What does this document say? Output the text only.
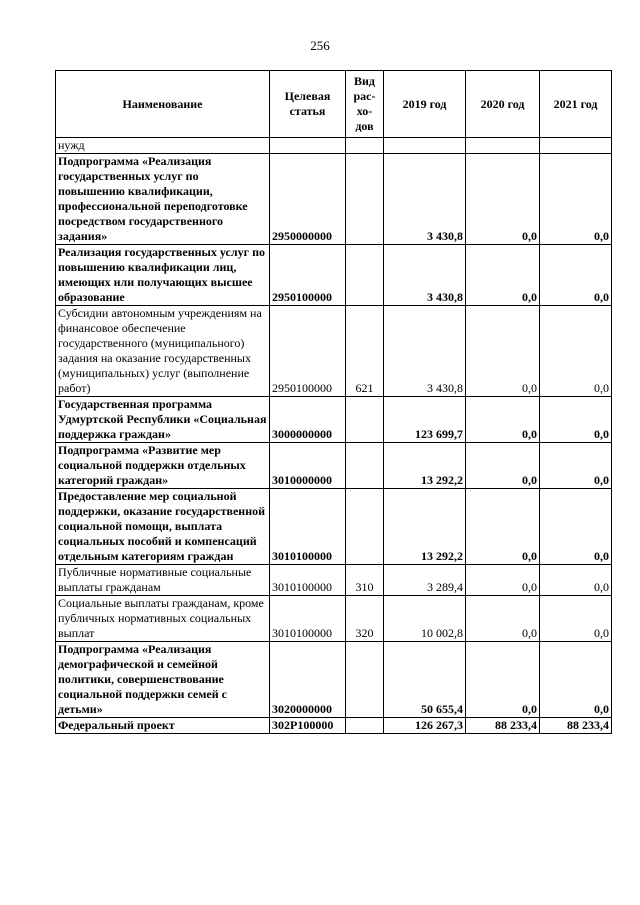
256
Наименование	Целевая статья	Вид рас-хо-дов	2019 год	2020 год	2021 год
нужд					
Подпрограмма «Реализация государственных услуг по повышению квалификации, профессиональной переподготовке посредством государственного задания»	2950000000		3 430,8	0,0	0,0
Реализация государственных услуг по повышению квалификации лиц, имеющих или получающих высшее образование	2950100000		3 430,8	0,0	0,0
Субсидии автономным учреждениям на финансовое обеспечение государственного (муниципального) задания на оказание государственных (муниципальных) услуг (выполнение работ)	2950100000	621	3 430,8	0,0	0,0
Государственная программа Удмуртской Республики «Социальная поддержка граждан»	3000000000		123 699,7	0,0	0,0
Подпрограмма «Развитие мер социальной поддержки отдельных категорий граждан»	3010000000		13 292,2	0,0	0,0
Предоставление мер социальной поддержки, оказание государственной социальной помощи, выплата социальных пособий и компенсаций отдельным категориям граждан	3010100000		13 292,2	0,0	0,0
Публичные нормативные социальные выплаты гражданам	3010100000	310	3 289,4	0,0	0,0
Социальные выплаты гражданам, кроме публичных нормативных социальных выплат	3010100000	320	10 002,8	0,0	0,0
Подпрограмма «Реализация демографической и семейной политики, совершенствование социальной поддержки семей с детьми»	3020000000		50 655,4	0,0	0,0
Федеральный проект	302P100000		126 267,3	88 233,4	88 233,4
